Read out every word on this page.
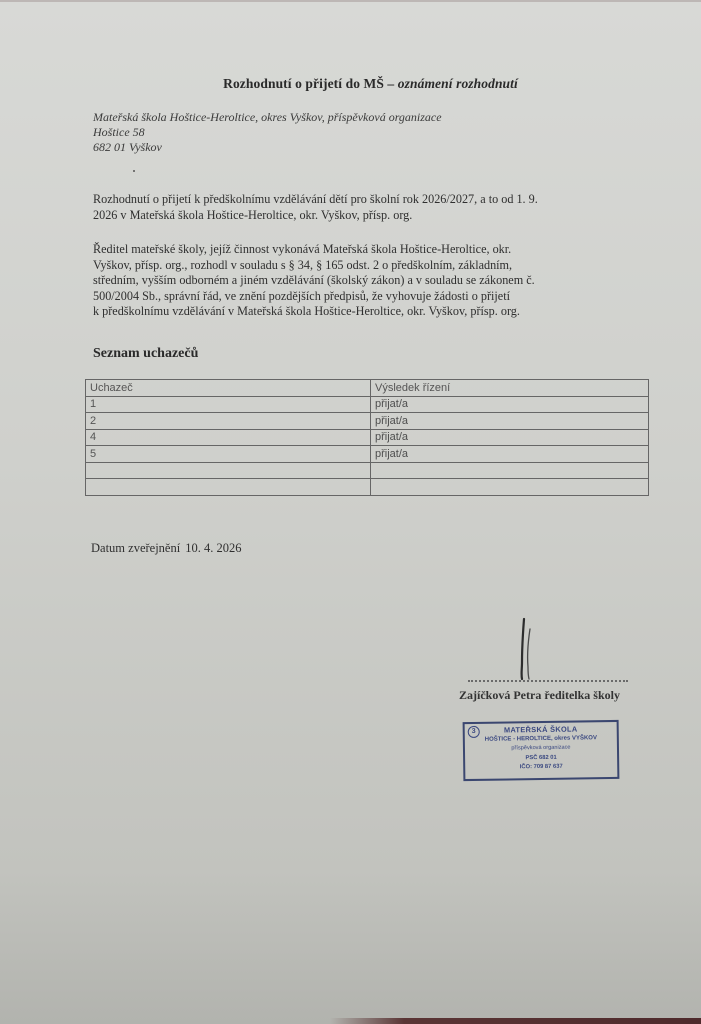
Rozhodnutí o přijetí do MŠ – oznámení rozhodnutí
Mateřská škola Hoštice-Heroltice, okres Vyškov, příspěvková organizace
Hoštice 58
682 01 Vyškov
Rozhodnutí o přijetí k předškolnímu vzdělávání dětí pro školní rok 2026/2027, a to od 1. 9.
2026 v Mateřská škola Hoštice-Heroltice, okr. Vyškov, přísp. org.
Ředitel mateřské školy, jejíž činnost vykonává Mateřská škola Hoštice-Heroltice, okr.
Vyškov, přísp. org., rozhodl v souladu s § 34, § 165 odst. 2 o předškolním, základním,
středním, vyšším odborném a jiném vzdělávání (školský zákon) a v souladu se zákonem č.
500/2004 Sb., správní řád, ve znění pozdějších předpisů, že vyhovuje žádosti o přijetí
k předškolnímu vzdělávání v Mateřská škola Hoštice-Heroltice, okr. Vyškov, přísp. org.
Seznam uchazečů
Uchazeč	Výsledek řízení
1	přijat/a
2	přijat/a
4	přijat/a
5	přijat/a

Datum zveřejnění 10. 4. 2026
Zajíčková Petra ředitelka školy
3	MATEŘSKÁ ŠKOLA
HOŠTICE - HEROLTICE, okres VYŠKOV
příspěvková organizace
PSČ 682 01
IČO: 709 87 637
